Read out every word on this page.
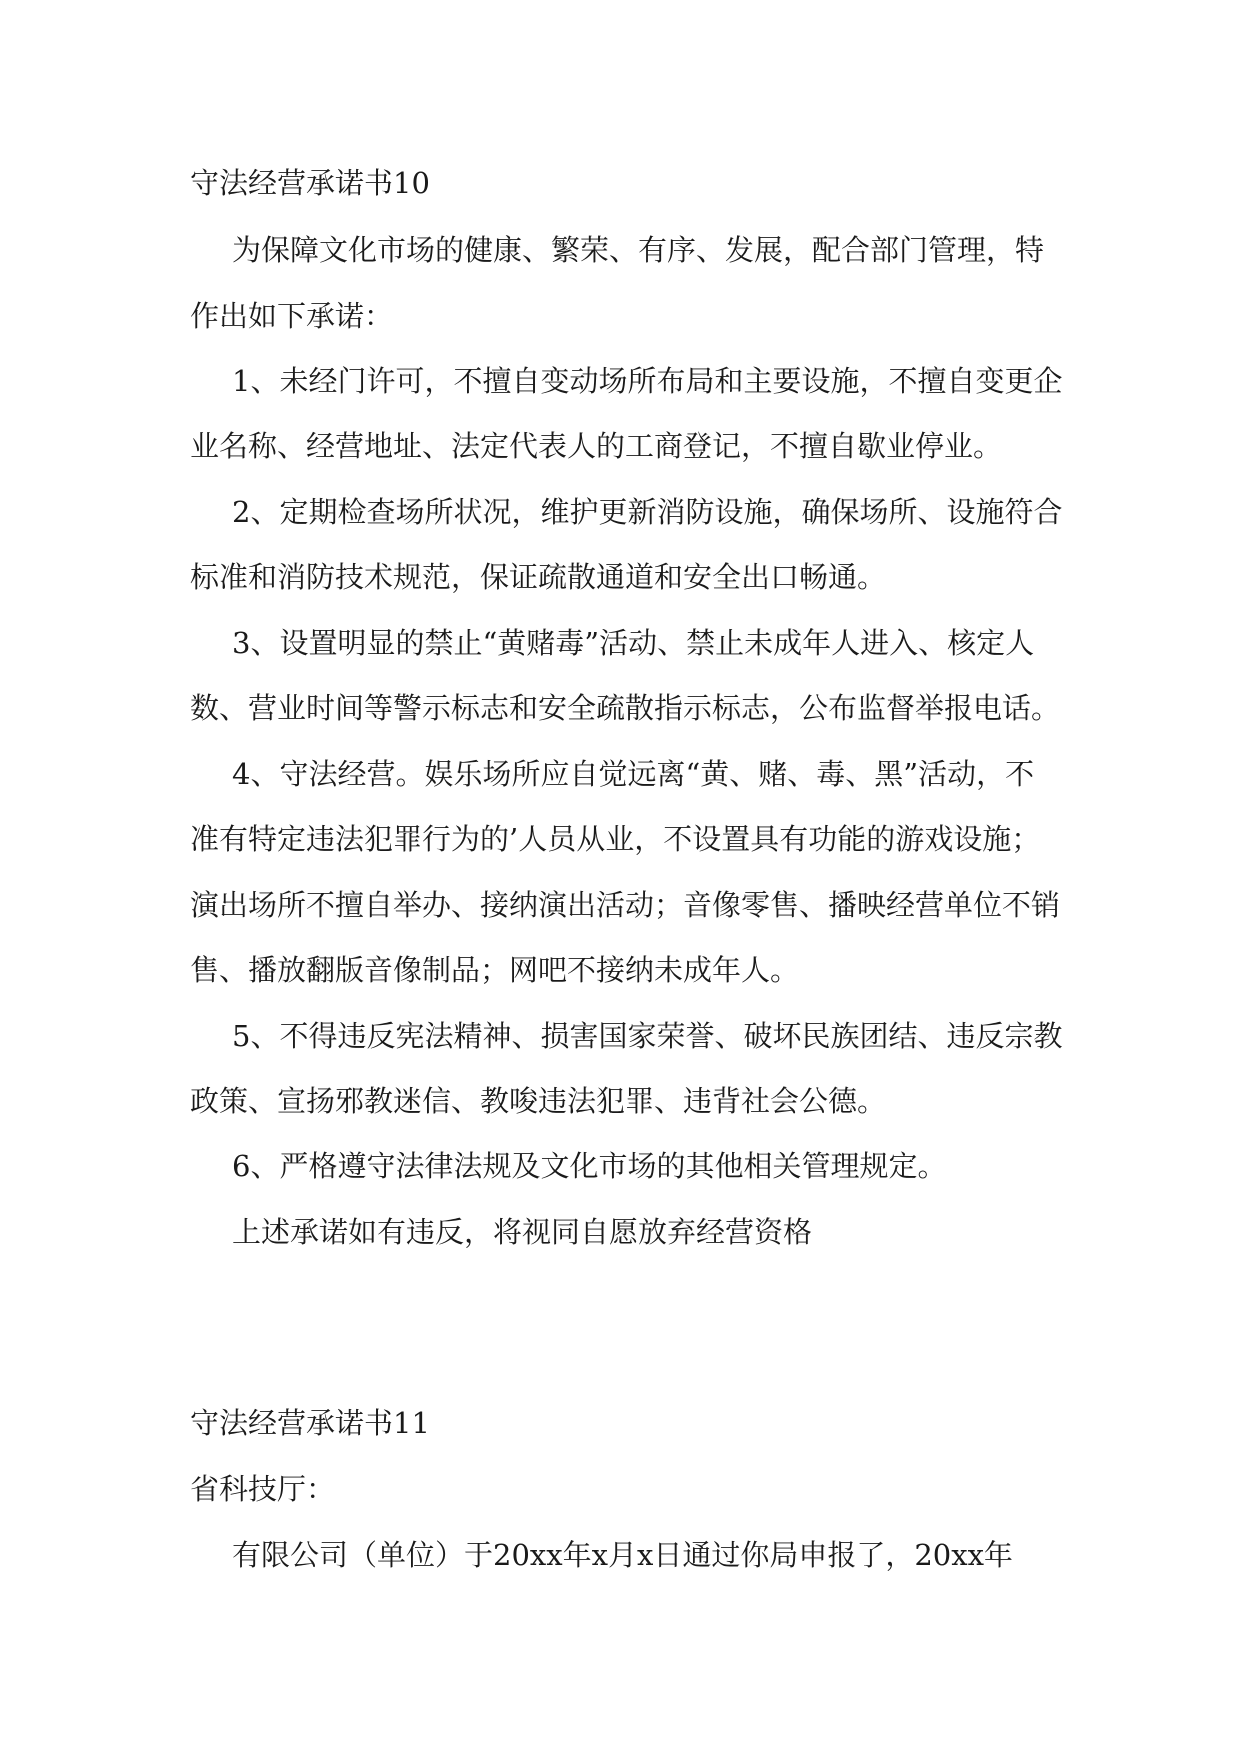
守法经营承诺书10
为保障文化市场的健康、繁荣、有序、发展，配合部门管理，特
作出如下承诺：
1、未经门许可，不擅自变动场所布局和主要设施，不擅自变更企
业名称、经营地址、法定代表人的工商登记，不擅自歇业停业。
2、定期检查场所状况，维护更新消防设施，确保场所、设施符合
标准和消防技术规范，保证疏散通道和安全出口畅通。
3、设置明显的禁止“黄赌毒”活动、禁止未成年人进入、核定人
数、营业时间等警示标志和安全疏散指示标志，公布监督举报电话。
4、守法经营。娱乐场所应自觉远离“黄、赌、毒、黑”活动，不
准有特定违法犯罪行为的’人员从业，不设置具有功能的游戏设施；
演出场所不擅自举办、接纳演出活动；音像零售、播映经营单位不销
售、播放翻版音像制品；网吧不接纳未成年人。
5、不得违反宪法精神、损害国家荣誉、破坏民族团结、违反宗教
政策、宣扬邪教迷信、教唆违法犯罪、违背社会公德。
6、严格遵守法律法规及文化市场的其他相关管理规定。
上述承诺如有违反，将视同自愿放弃经营资格
守法经营承诺书11
省科技厅：
有限公司（单位）于20xx年x月x日通过你局申报了，20xx年
